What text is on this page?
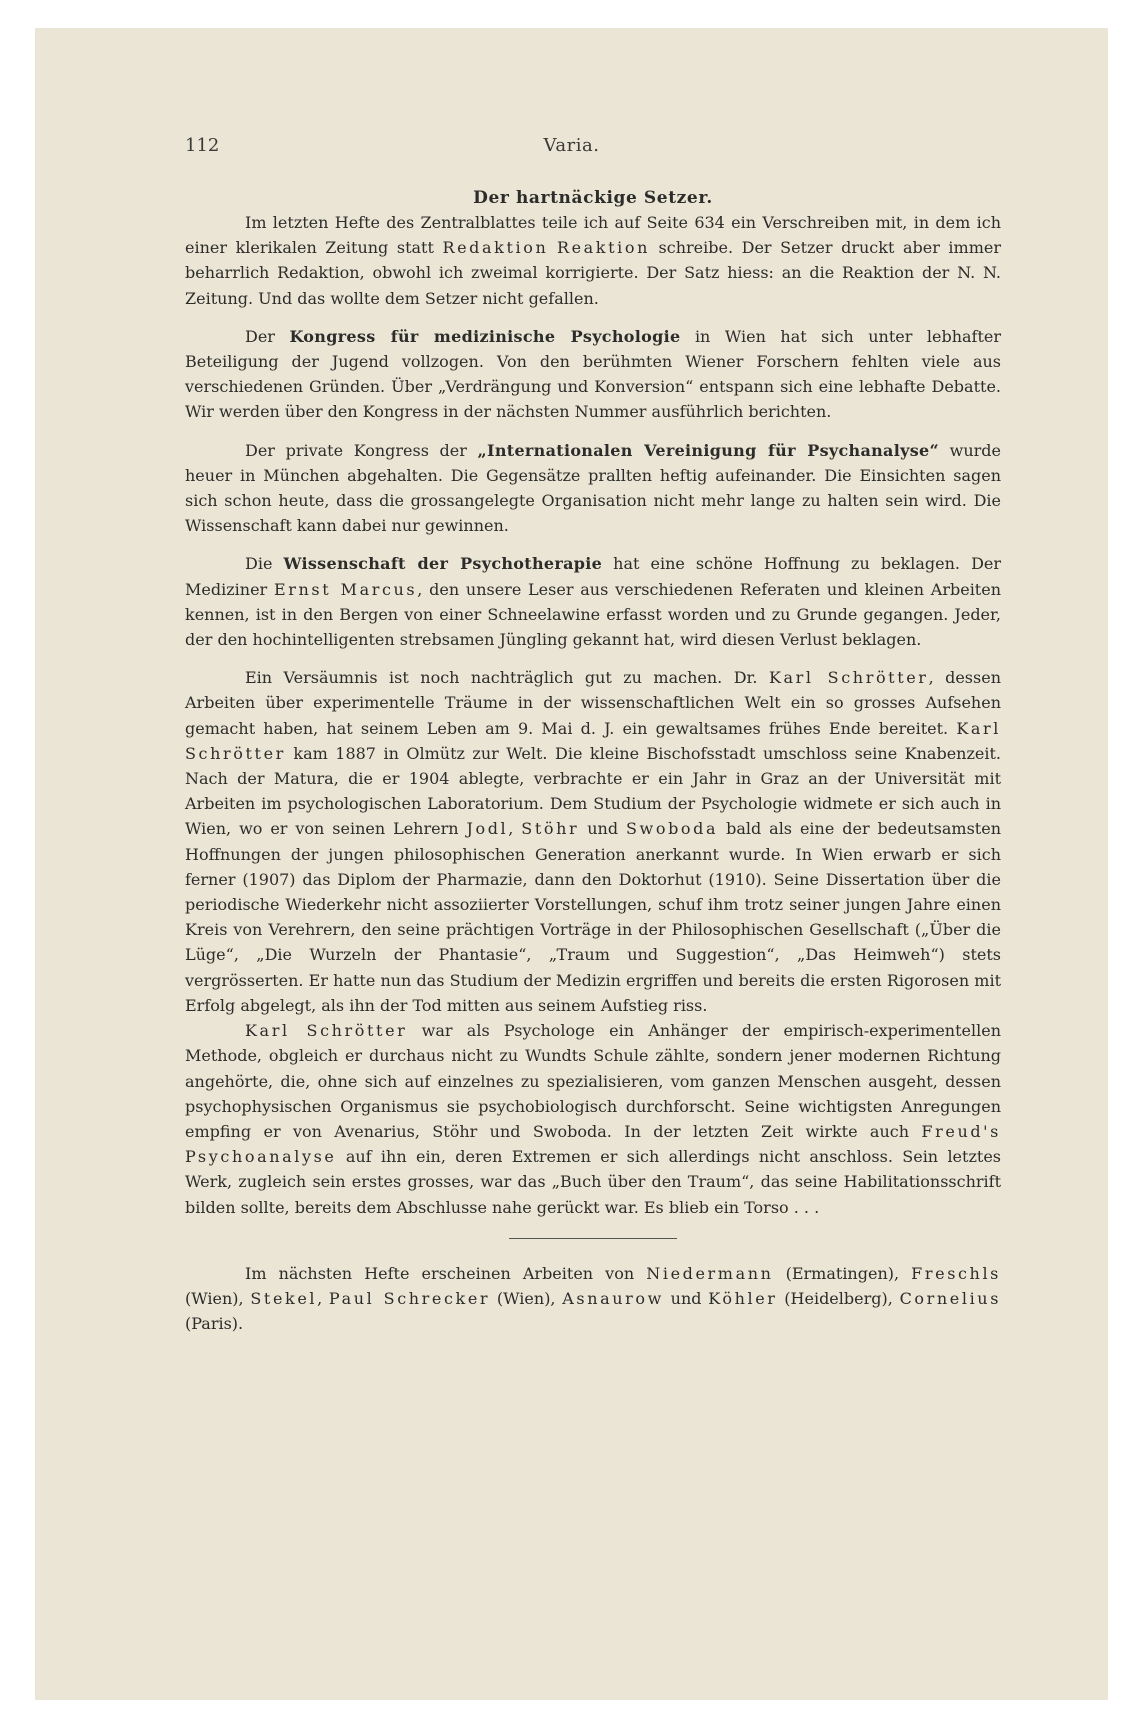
112	Varia.
Der hartnäckige Setzer.

Im letzten Hefte des Zentralblattes teile ich auf Seite 634 ein Verschreiben mit, in dem ich einer klerikalen Zeitung statt Redaktion Reaktion schreibe. Der Setzer druckt aber immer beharrlich Redaktion, obwohl ich zweimal korrigierte. Der Satz hiess: an die Reaktion der N. N. Zeitung. Und das wollte dem Setzer nicht gefallen.

Der Kongress für medizinische Psychologie in Wien hat sich unter lebhafter Beteiligung der Jugend vollzogen. Von den berühmten Wiener Forschern fehlten viele aus verschiedenen Gründen. Über „Verdrängung und Konversion“ entspann sich eine lebhafte Debatte. Wir werden über den Kongress in der nächsten Nummer ausführlich berichten.

Der private Kongress der „Internationalen Vereinigung für Psychanalyse“ wurde heuer in München abgehalten. Die Gegensätze prallten heftig aufeinander. Die Einsichten sagen sich schon heute, dass die grossangelegte Organisation nicht mehr lange zu halten sein wird. Die Wissenschaft kann dabei nur gewinnen.

Die Wissenschaft der Psychotherapie hat eine schöne Hoffnung zu beklagen. Der Mediziner Ernst Marcus, den unsere Leser aus verschiedenen Referaten und kleinen Arbeiten kennen, ist in den Bergen von einer Schneelawine erfasst worden und zu Grunde gegangen. Jeder, der den hochintelligenten strebsamen Jüngling gekannt hat, wird diesen Verlust beklagen.

Ein Versäumnis ist noch nachträglich gut zu machen. Dr. Karl Schrötter, dessen Arbeiten über experimentelle Träume in der wissenschaftlichen Welt ein so grosses Aufsehen gemacht haben, hat seinem Leben am 9. Mai d. J. ein gewaltsames frühes Ende bereitet. Karl Schrötter kam 1887 in Olmütz zur Welt. Die kleine Bischofsstadt umschloss seine Knabenzeit. Nach der Matura, die er 1904 ablegte, verbrachte er ein Jahr in Graz an der Universität mit Arbeiten im psychologischen Laboratorium. Dem Studium der Psychologie widmete er sich auch in Wien, wo er von seinen Lehrern Jodl, Stöhr und Swoboda bald als eine der bedeutsamsten Hoffnungen der jungen philosophischen Generation anerkannt wurde. In Wien erwarb er sich ferner (1907) das Diplom der Pharmazie, dann den Doktorhut (1910). Seine Dissertation über die periodische Wiederkehr nicht assoziierter Vorstellungen, schuf ihm trotz seiner jungen Jahre einen Kreis von Verehrern, den seine prächtigen Vorträge in der Philosophischen Gesellschaft („Über die Lüge“, „Die Wurzeln der Phantasie“, „Traum und Suggestion“, „Das Heimweh“) stets vergrösserten. Er hatte nun das Studium der Medizin ergriffen und bereits die ersten Rigorosen mit Erfolg abgelegt, als ihn der Tod mitten aus seinem Aufstieg riss.

Karl Schrötter war als Psychologe ein Anhänger der empirisch-experimentellen Methode, obgleich er durchaus nicht zu Wundts Schule zählte, sondern jener modernen Richtung angehörte, die, ohne sich auf einzelnes zu spezialisieren, vom ganzen Menschen ausgeht, dessen psychophysischen Organismus sie psychobiologisch durchforscht. Seine wichtigsten Anregungen empfing er von Avenarius, Stöhr und Swoboda. In der letzten Zeit wirkte auch Freud's Psychoanalyse auf ihn ein, deren Extremen er sich allerdings nicht anschloss. Sein letztes Werk, zugleich sein erstes grosses, war das „Buch über den Traum“, das seine Habilitationsschrift bilden sollte, bereits dem Abschlusse nahe gerückt war. Es blieb ein Torso . . .

Im nächsten Hefte erscheinen Arbeiten von Niedermann (Ermatingen), Freschls (Wien), Stekel, Paul Schrecker (Wien), Asnaurow und Köhler (Heidelberg), Cornelius (Paris).
